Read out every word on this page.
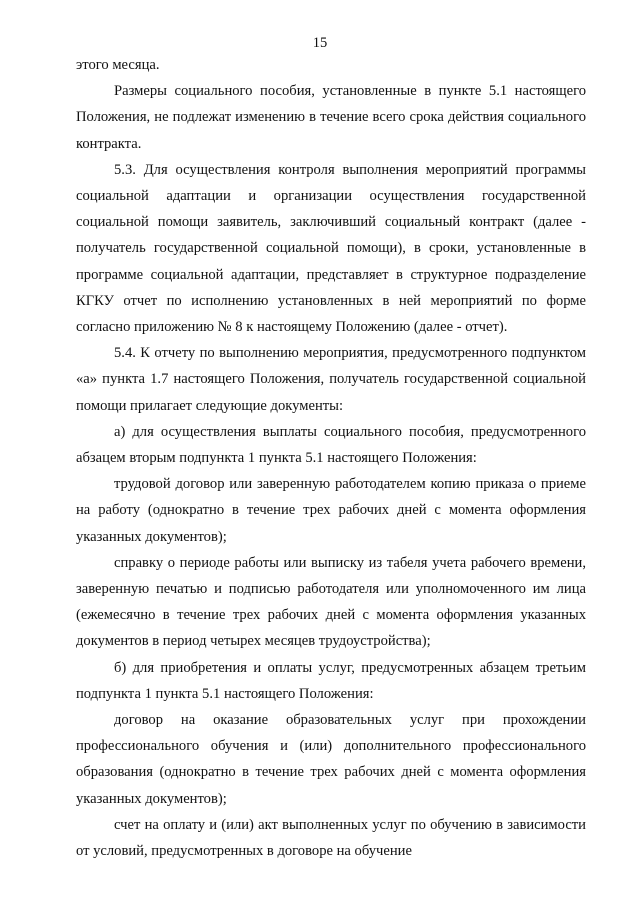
15

этого месяца.

Размеры социального пособия, установленные в пункте 5.1 настоящего Положения, не подлежат изменению в течение всего срока действия социального контракта.

5.3. Для осуществления контроля выполнения мероприятий программы социальной адаптации и организации осуществления государственной социальной помощи заявитель, заключивший социальный контракт (далее - получатель государственной социальной помощи), в сроки, установленные в программе социальной адаптации, представляет в структурное подразделение КГКУ отчет по исполнению установленных в ней мероприятий по форме согласно приложению № 8 к настоящему Положению (далее - отчет).

5.4. К отчету по выполнению мероприятия, предусмотренного подпунктом «а» пункта 1.7 настоящего Положения, получатель государственной социальной помощи прилагает следующие документы:

а) для осуществления выплаты социального пособия, предусмотренного абзацем вторым подпункта 1 пункта 5.1 настоящего Положения:

трудовой договор или заверенную работодателем копию приказа о приеме на работу (однократно в течение трех рабочих дней с момента оформления указанных документов);

справку о периоде работы или выписку из табеля учета рабочего времени, заверенную печатью и подписью работодателя или уполномоченного им лица (ежемесячно в течение трех рабочих дней с момента оформления указанных документов в период четырех месяцев трудоустройства);

б) для приобретения и оплаты услуг, предусмотренных абзацем третьим подпункта 1 пункта 5.1 настоящего Положения:

договор на оказание образовательных услуг при прохождении профессионального обучения и (или) дополнительного профессионального образования (однократно в течение трех рабочих дней с момента оформления указанных документов);

счет на оплату и (или) акт выполненных услуг по обучению в зависимости от условий, предусмотренных в договоре на обучение
